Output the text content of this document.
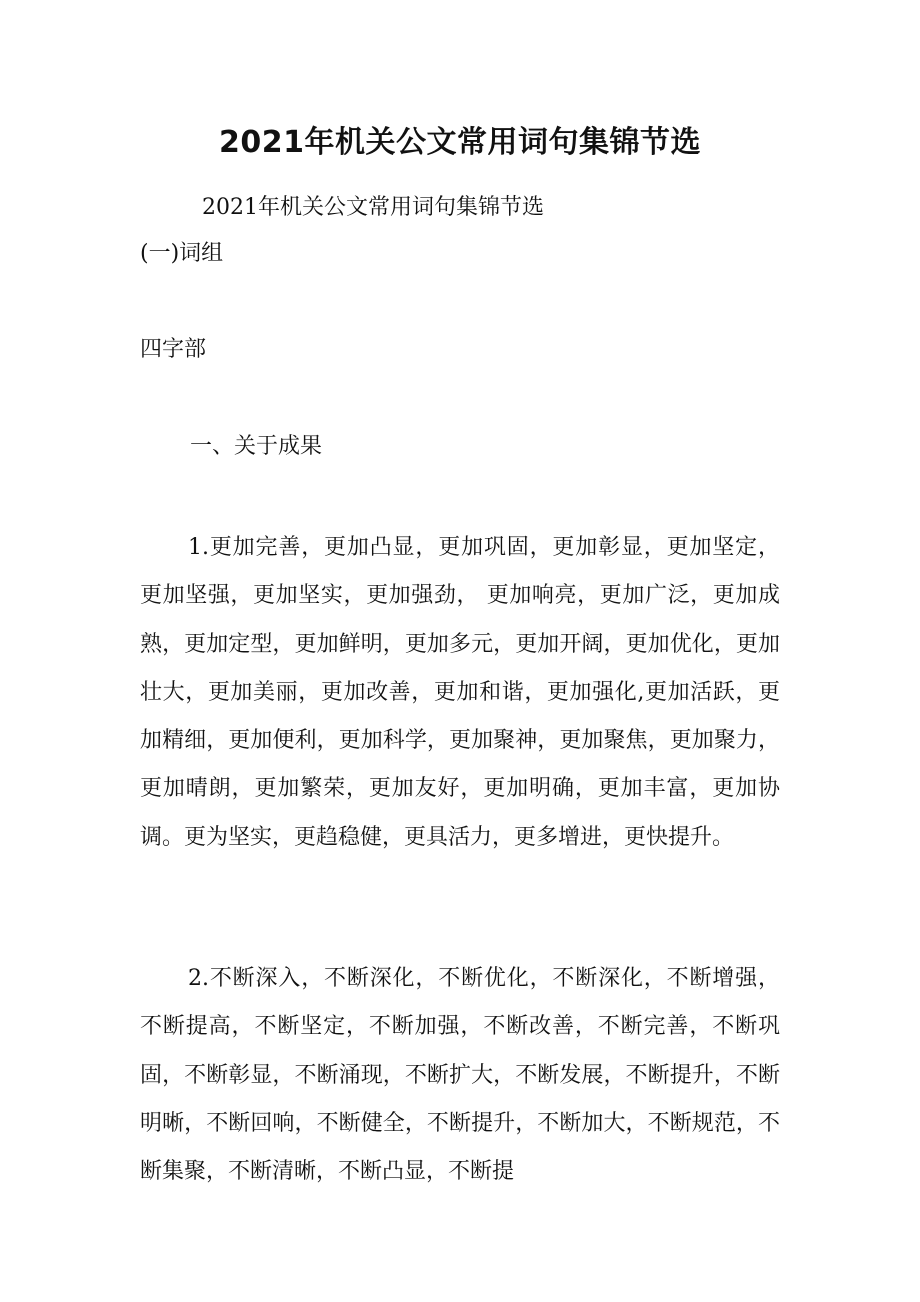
2021年机关公文常用词句集锦节选
2021年机关公文常用词句集锦节选
(一)词组
四字部
一、关于成果
1.更加完善，更加凸显，更加巩固，更加彰显，更加坚定，更加坚强，更加坚实，更加强劲， 更加响亮，更加广泛，更加成熟，更加定型，更加鲜明，更加多元，更加开阔，更加优化，更加壮大，更加美丽，更加改善，更加和谐，更加强化,更加活跃，更加精细，更加便利，更加科学，更加聚神，更加聚焦，更加聚力，更加晴朗，更加繁荣，更加友好，更加明确，更加丰富，更加协调。更为坚实，更趋稳健，更具活力，更多增进，更快提升。
2.不断深入，不断深化，不断优化，不断深化，不断增强，不断提高，不断坚定，不断加强，不断改善，不断完善，不断巩固，不断彰显，不断涌现，不断扩大，不断发展，不断提升，不断明晰，不断回响，不断健全，不断提升，不断加大，不断规范，不断集聚，不断清晰，不断凸显，不断提
